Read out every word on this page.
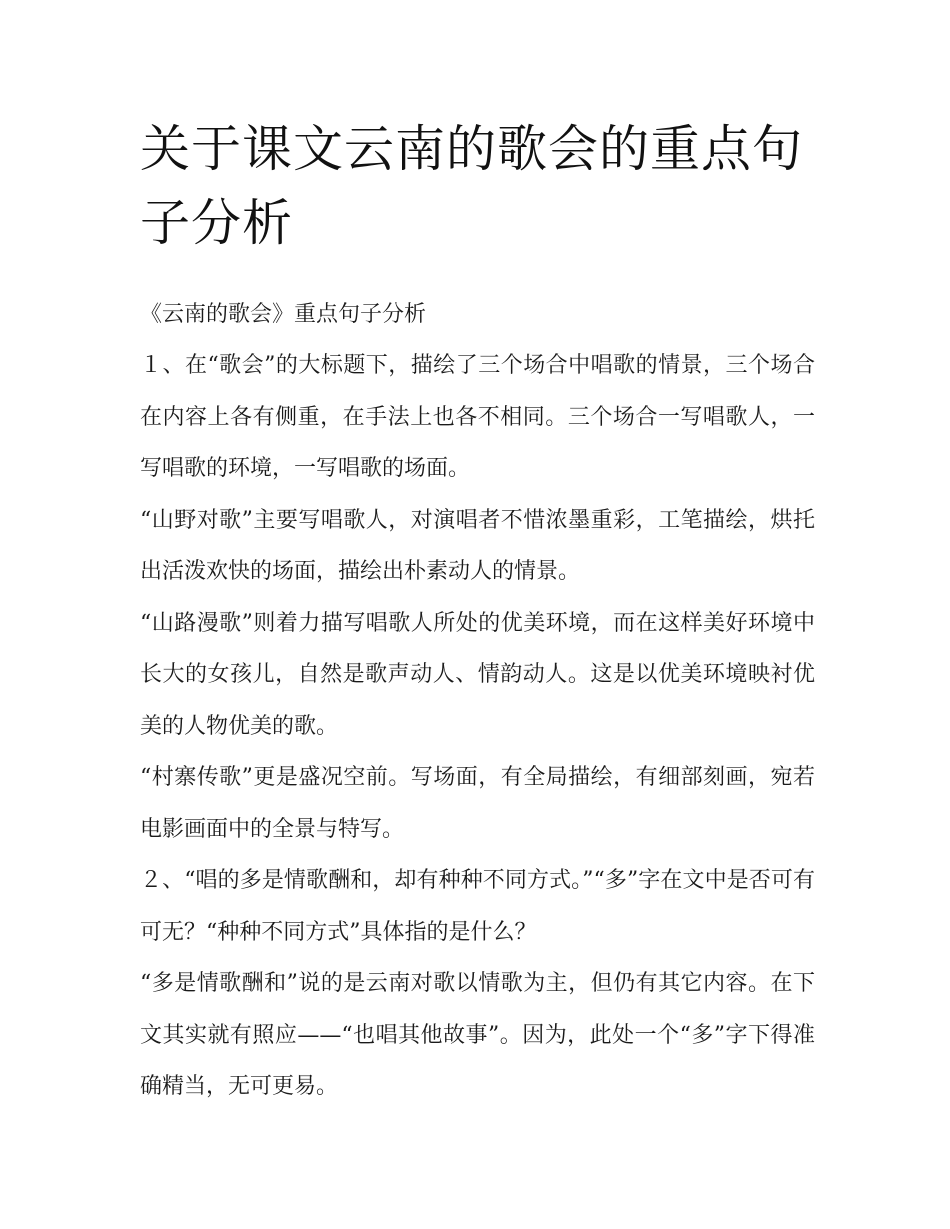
关于课文云南的歌会的重点句子分析
《云南的歌会》重点句子分析

１、在“歌会”的大标题下，描绘了三个场合中唱歌的情景，三个场合在内容上各有侧重，在手法上也各不相同。三个场合一写唱歌人，一写唱歌的环境，一写唱歌的场面。

“山野对歌”主要写唱歌人，对演唱者不惜浓墨重彩，工笔描绘，烘托出活泼欢快的场面，描绘出朴素动人的情景。

“山路漫歌”则着力描写唱歌人所处的优美环境，而在这样美好环境中长大的女孩儿，自然是歌声动人、情韵动人。这是以优美环境映衬优美的人物优美的歌。

“村寨传歌”更是盛况空前。写场面，有全局描绘，有细部刻画，宛若电影画面中的全景与特写。

２、“唱的多是情歌酬和，却有种种不同方式。”“多”字在文中是否可有可无？“种种不同方式”具体指的是什么？

“多是情歌酬和”说的是云南对歌以情歌为主，但仍有其它内容。在下文其实就有照应——“也唱其他故事”。因为，此处一个“多”字下得准确精当，无可更易。
